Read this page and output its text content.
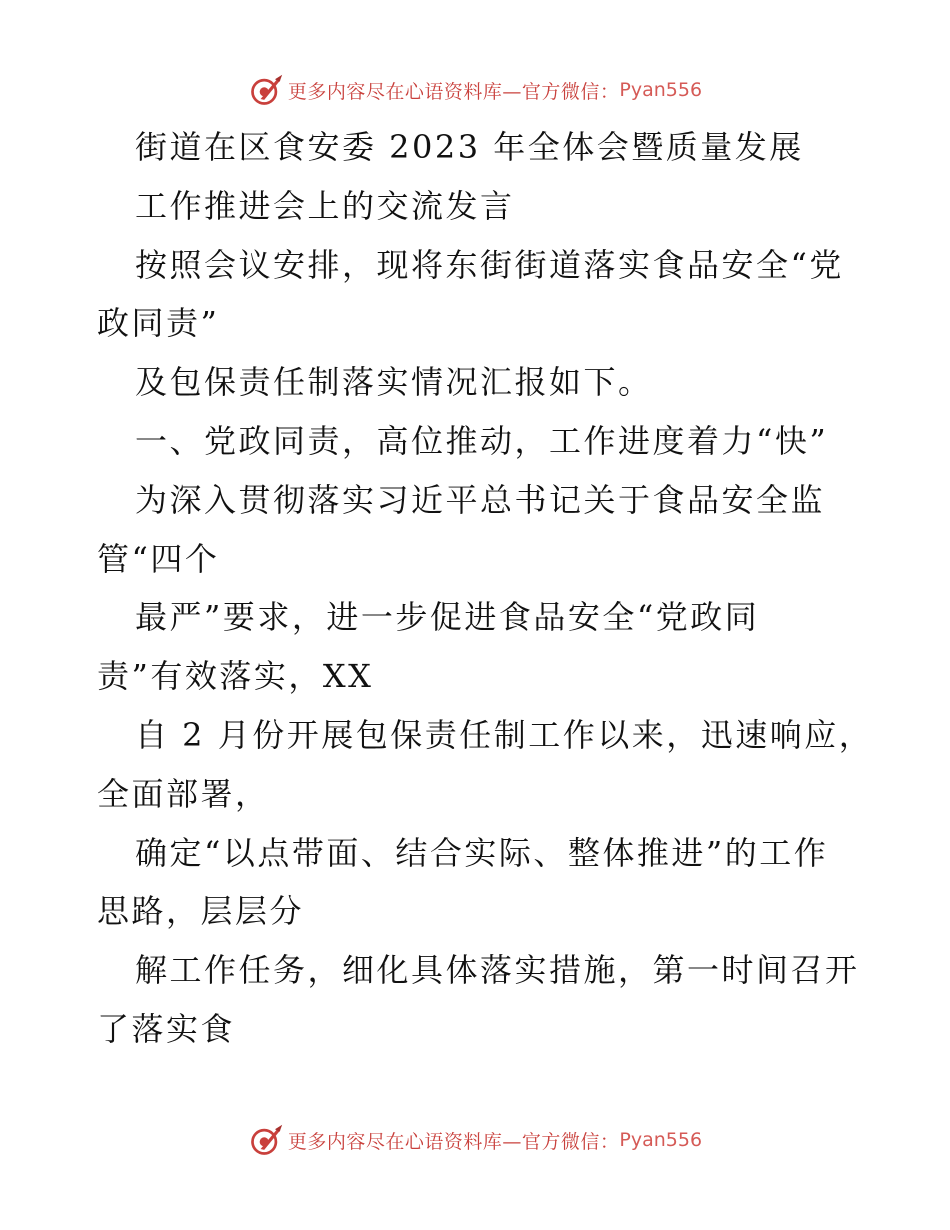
更多内容尽在心语资料库—官方微信： Pyan556
街道在区食安委 2023 年全体会暨质量发展
工作推进会上的交流发言
按照会议安排，现将东街街道落实食品安全“党
政同责”
及包保责任制落实情况汇报如下。
一、党政同责，高位推动，工作进度着力“快”
为深入贯彻落实习近平总书记关于食品安全监
管“四个
最严”要求，进一步促进食品安全“党政同
责”有效落实，XX
自 2 月份开展包保责任制工作以来，迅速响应，
全面部署，
确定“以点带面、结合实际、整体推进”的工作
思路，层层分
解工作任务，细化具体落实措施，第一时间召开
了落实食
更多内容尽在心语资料库—官方微信： Pyan556
